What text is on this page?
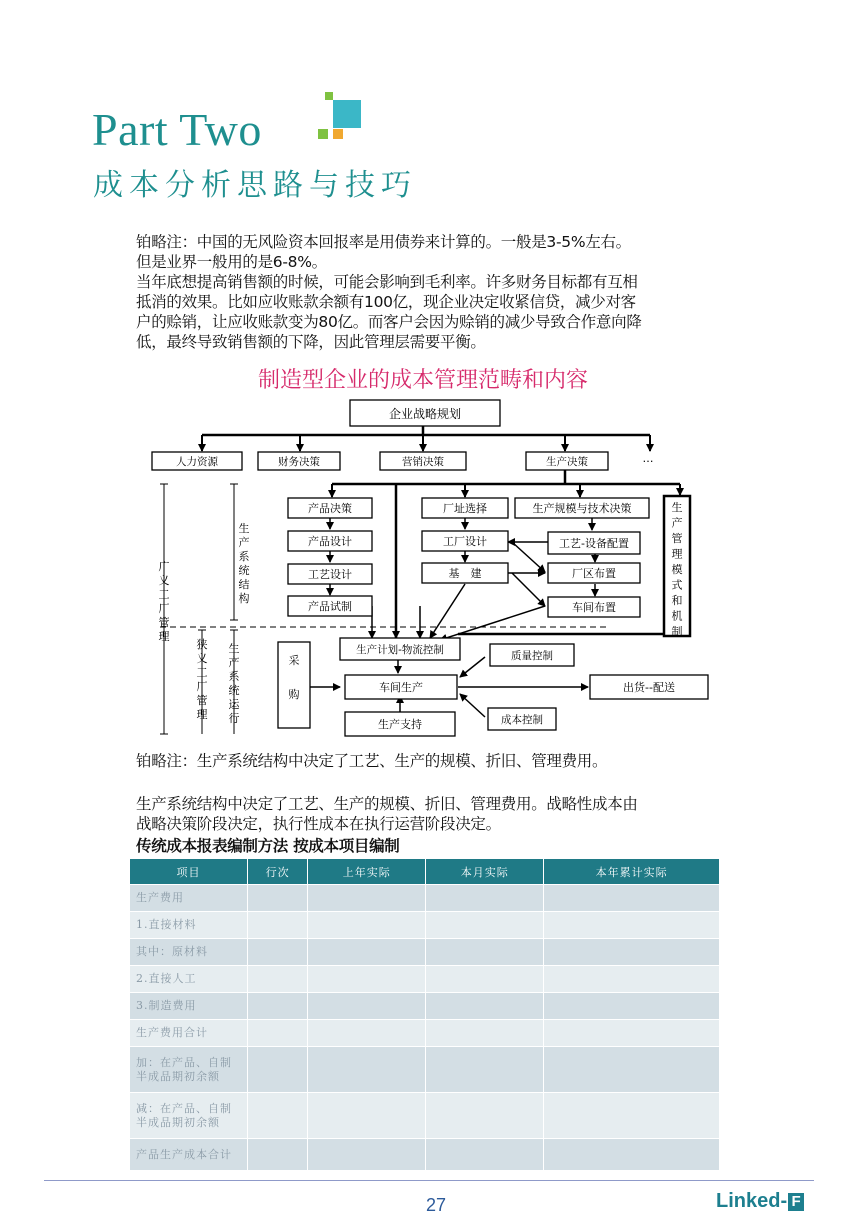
Part Two
成本分析思路与技巧

铂略注：中国的无风险资本回报率是用债券来计算的。一般是3-5%左右。

但是业界一般用的是6-8%。

当年底想提高销售额的时候，可能会影响到毛利率。许多财务目标都有互相

抵消的效果。比如应收账款余额有100亿，现企业决定收紧信贷，减少对客

户的赊销，让应收账款变为80亿。而客户会因为赊销的减少导致合作意向降

低，最终导致销售额的下降，因此管理层需要平衡。

制造型企业的成本管理范畴和内容
企业战略规划
人力资源	财务决策	营销决策	生产决策	…
产品决策
产品设计
工艺设计
产品试制
厂址选择
工厂设计
基　建
生产规模与技术决策
工艺-设备配置
厂区布置
车间布置
生产计划-物流控制	质量控制
车间生产	出货--配送
生产支持	成本控制
生产管理模式和机制
采购
生产系统结构
广义工厂管理
狭义工厂管理
生产系统运行
铂略注：生产系统结构中决定了工艺、生产的规模、折旧、管理费用。

生产系统结构中决定了工艺、生产的规模、折旧、管理费用。战略性成本由

战略决策阶段决定，执行性成本在执行运营阶段决定。

传统成本报表编制方法 按成本项目编制
项目	行次	上年实际	本月实际	本年累计实际
生产费用				
1.直接材料				
其中：原材料				
2.直接人工				
3.制造费用				
生产费用合计				
加：在产品、自制半成品期初余额				
减：在产品、自制半成品期初余额				
产品生产成本合计				
27	Linked- F
